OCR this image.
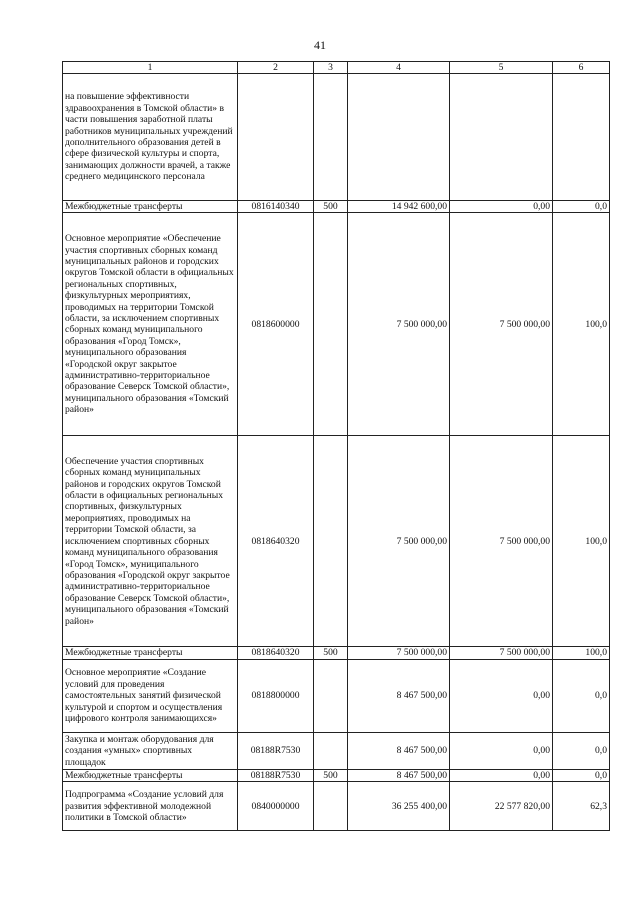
41
1	2	3	4	5	6
на повышение эффективности здравоохранения в Томской области» в части повышения заработной платы работников муниципальных учреждений дополнительного образования детей в сфере физической культуры и спорта, занимающих должности врачей, а также среднего медицинского персонала					
Межбюджетные трансферты	0816140340	500	14 942 600,00	0,00	0,0
Основное мероприятие «Обеспечение участия спортивных сборных команд муниципальных районов и городских округов Томской области в официальных региональных спортивных, физкультурных мероприятиях, проводимых на территории Томской области, за исключением спортивных сборных команд муниципального образования «Город Томск», муниципального образования «Городской округ закрытое административно-территориальное образование Северск Томской области», муниципального образования «Томский район»	0818600000		7 500 000,00	7 500 000,00	100,0
Обеспечение участия спортивных сборных команд муниципальных районов и городских округов Томской области в официальных региональных спортивных, физкультурных мероприятиях, проводимых на территории Томской области, за исключением спортивных сборных команд муниципального образования «Город Томск», муниципального образования «Городской округ закрытое административно-территориальное образование Северск Томской области», муниципального образования «Томский район»	0818640320		7 500 000,00	7 500 000,00	100,0
Межбюджетные трансферты	0818640320	500	7 500 000,00	7 500 000,00	100,0
Основное мероприятие «Создание условий для проведения самостоятельных занятий физической культурой и спортом и осуществления цифрового контроля занимающихся»	0818800000		8 467 500,00	0,00	0,0
Закупка и монтаж оборудования для создания «умных» спортивных площадок	08188R7530		8 467 500,00	0,00	0,0
Межбюджетные трансферты	08188R7530	500	8 467 500,00	0,00	0,0
Подпрограмма «Создание условий для развития эффективной молодежной политики в Томской области»	0840000000		36 255 400,00	22 577 820,00	62,3
